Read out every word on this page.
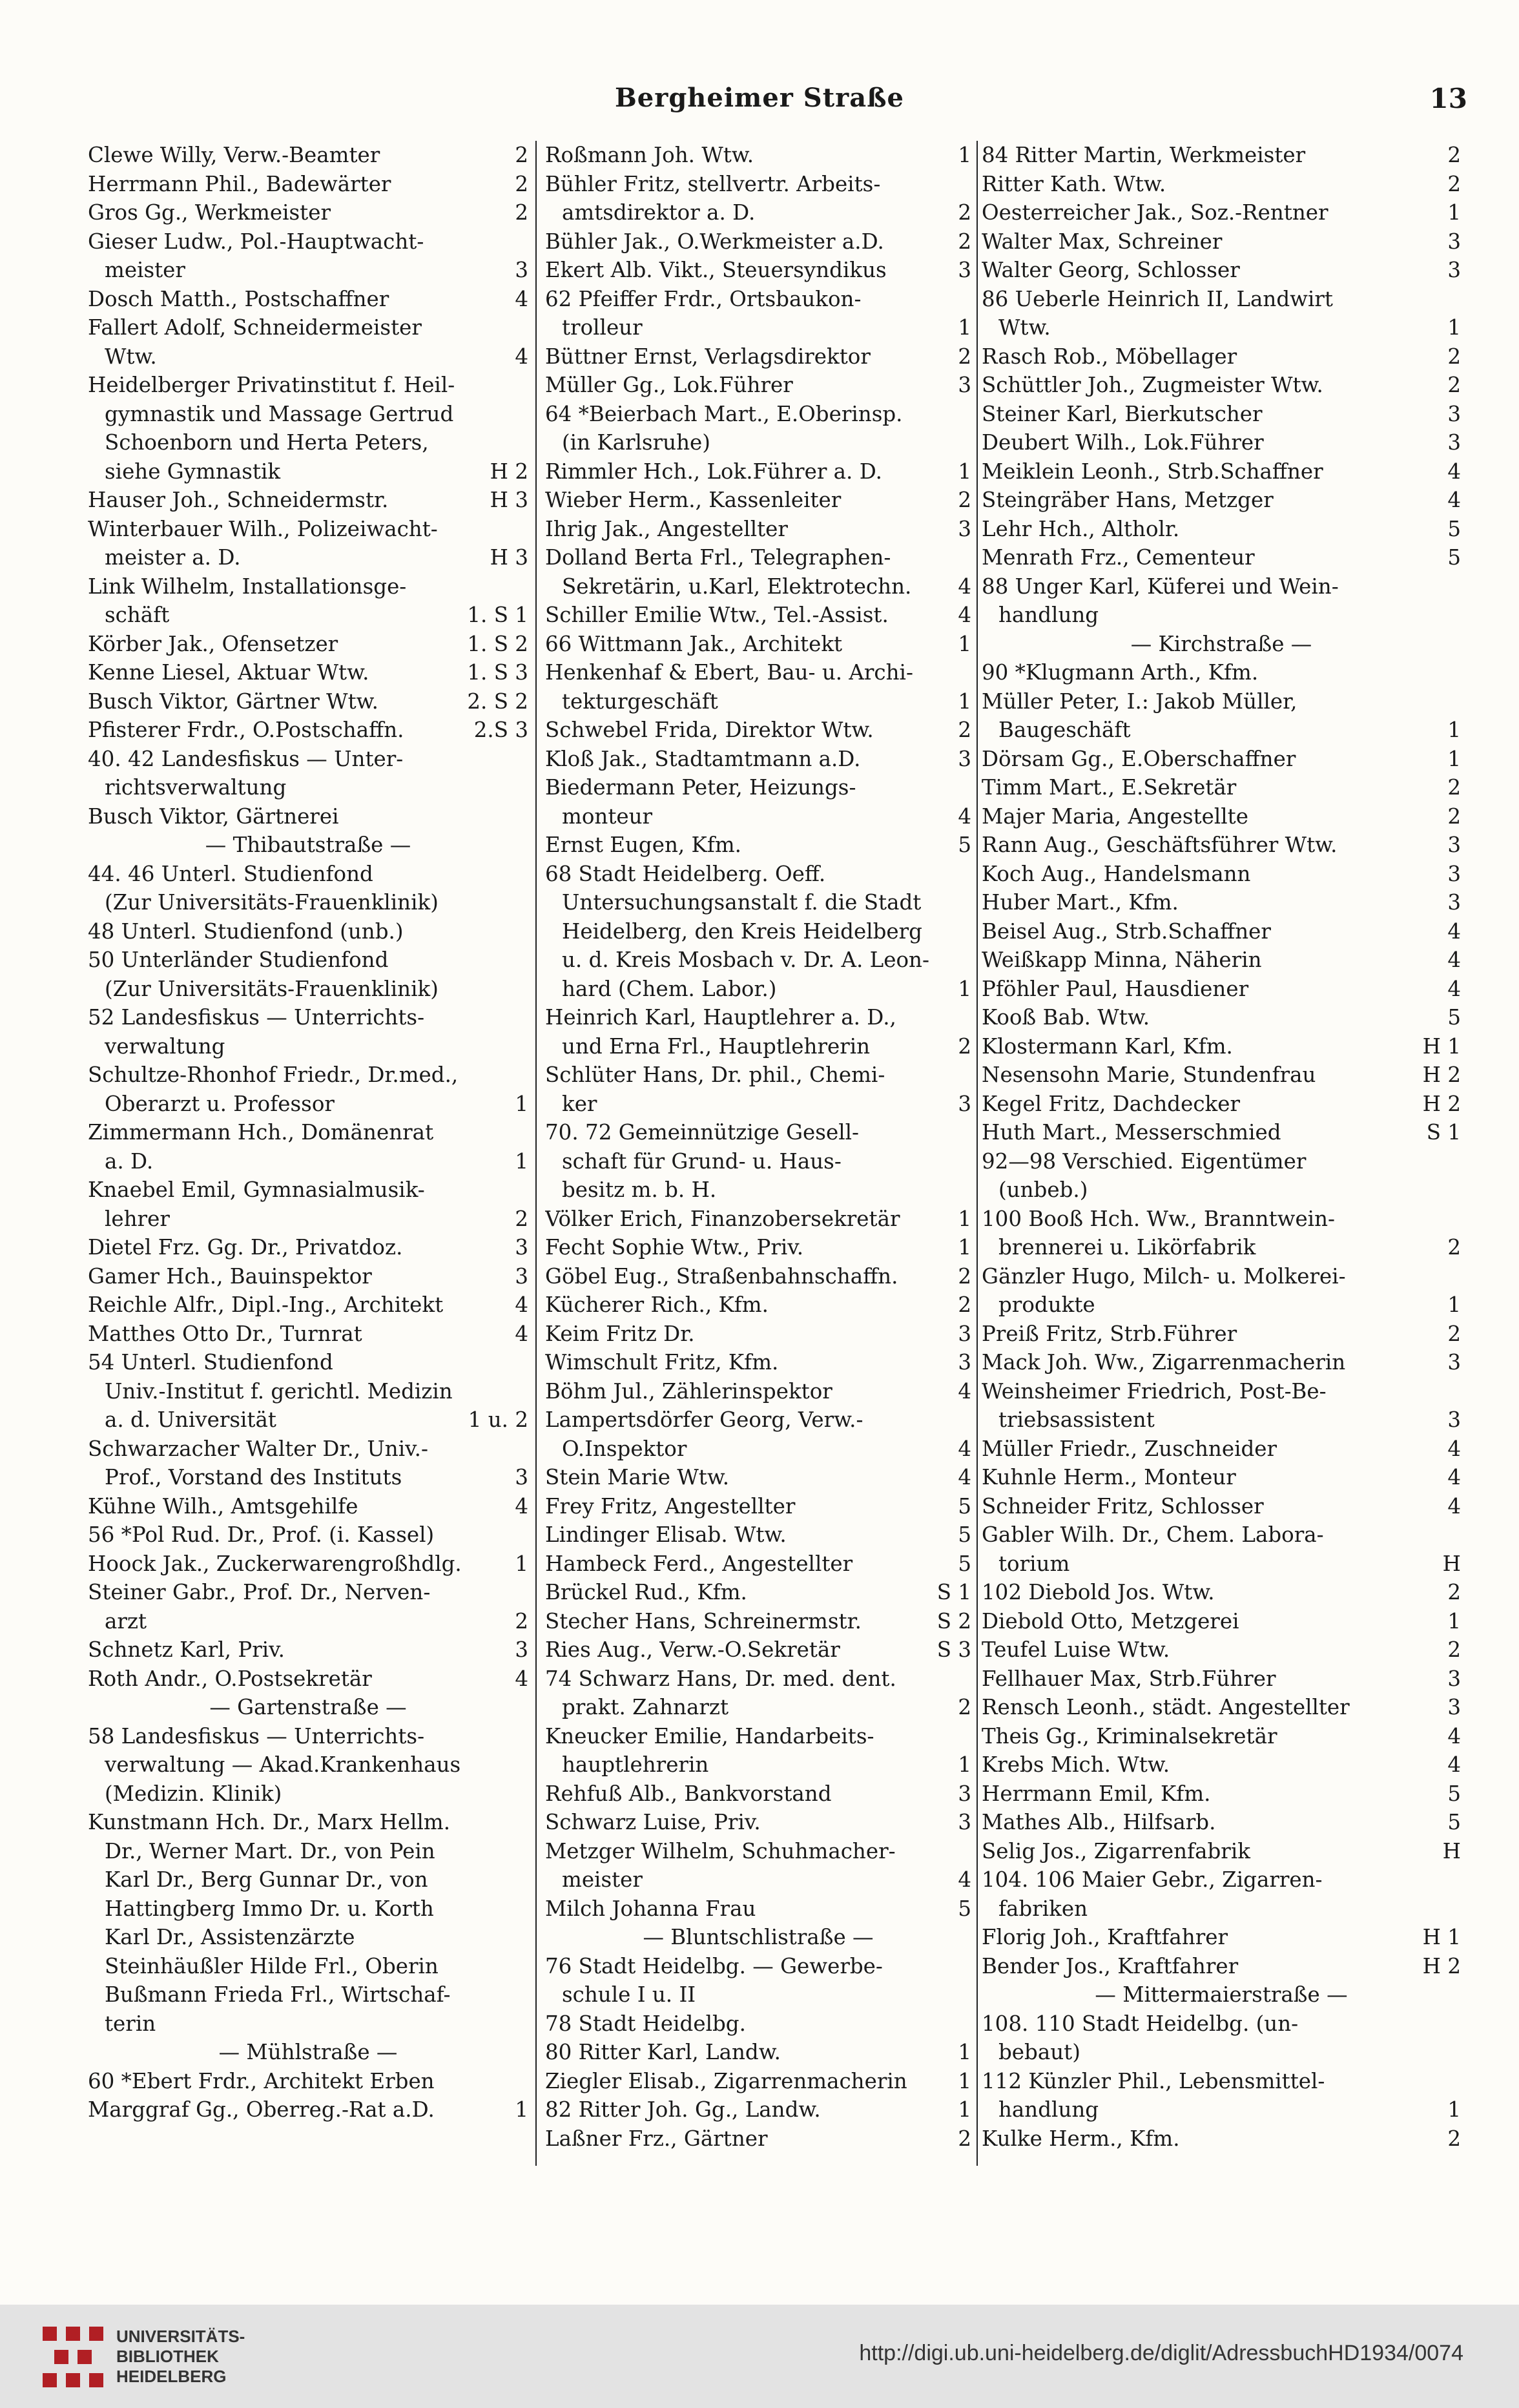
Bergheimer Straße	13
Clewe Willy, Verw.-Beamter	2
Herrmann Phil., Badewärter	2
Gros Gg., Werkmeister	2
Gieser Ludw., Pol.-Hauptwacht-
meister	3
Dosch Matth., Postschaffner	4
Fallert Adolf, Schneidermeister
Wtw.	4
Heidelberger Privatinstitut f. Heil-
gymnastik und Massage Gertrud
Schoenborn und Herta Peters,
siehe Gymnastik	H 2
Hauser Joh., Schneidermstr.	H 3
Winterbauer Wilh., Polizeiwacht-
meister a. D.	H 3
Link Wilhelm, Installationsge-
schäft	1. S 1
Körber Jak., Ofensetzer	1. S 2
Kenne Liesel, Aktuar Wtw.	1. S 3
Busch Viktor, Gärtner Wtw.	2. S 2
Pfisterer Frdr., O.Postschaffn.	2.S 3
40. 42 Landesfiskus — Unter-
richtsverwaltung
Busch Viktor, Gärtnerei
— Thibautstraße —
44. 46 Unterl. Studienfond
(Zur Universitäts-Frauenklinik)
48 Unterl. Studienfond (unb.)
50 Unterländer Studienfond
(Zur Universitäts-Frauenklinik)
52 Landesfiskus — Unterrichts-
verwaltung
Schultze-Rhonhof Friedr., Dr.med.,
Oberarzt u. Professor	1
Zimmermann Hch., Domänenrat
a. D.	1
Knaebel Emil, Gymnasialmusik-
lehrer	2
Dietel Frz. Gg. Dr., Privatdoz.	3
Gamer Hch., Bauinspektor	3
Reichle Alfr., Dipl.-Ing., Architekt	4
Matthes Otto Dr., Turnrat	4
54 Unterl. Studienfond
Univ.-Institut f. gerichtl. Medizin
a. d. Universität	1 u. 2
Schwarzacher Walter Dr., Univ.-
Prof., Vorstand des Instituts	3
Kühne Wilh., Amtsgehilfe	4
56 *Pol Rud. Dr., Prof. (i. Kassel)
Hoock Jak., Zuckerwarengroßhdlg.	1
Steiner Gabr., Prof. Dr., Nerven-
arzt	2
Schnetz Karl, Priv.	3
Roth Andr., O.Postsekretär	4
— Gartenstraße —
58 Landesfiskus — Unterrichts-
verwaltung — Akad.Krankenhaus
(Medizin. Klinik)
Kunstmann Hch. Dr., Marx Hellm.
Dr., Werner Mart. Dr., von Pein
Karl Dr., Berg Gunnar Dr., von
Hattingberg Immo Dr. u. Korth
Karl Dr., Assistenzärzte
Steinhäußler Hilde Frl., Oberin
Bußmann Frieda Frl., Wirtschaf-
terin
— Mühlstraße —
60 *Ebert Frdr., Architekt Erben
Marggraf Gg., Oberreg.-Rat a.D.	1
Roßmann Joh. Wtw.	1
Bühler Fritz, stellvertr. Arbeits-
amtsdirektor a. D.	2
Bühler Jak., O.Werkmeister a.D.	2
Ekert Alb. Vikt., Steuersyndikus	3
62 Pfeiffer Frdr., Ortsbaukon-
trolleur	1
Büttner Ernst, Verlagsdirektor	2
Müller Gg., Lok.Führer	3
64 *Beierbach Mart., E.Oberinsp.
(in Karlsruhe)
Rimmler Hch., Lok.Führer a. D.	1
Wieber Herm., Kassenleiter	2
Ihrig Jak., Angestellter	3
Dolland Berta Frl., Telegraphen-
Sekretärin, u.Karl, Elektrotechn.	4
Schiller Emilie Wtw., Tel.-Assist.	4
66 Wittmann Jak., Architekt	1
Henkenhaf & Ebert, Bau- u. Archi-
tekturgeschäft	1
Schwebel Frida, Direktor Wtw.	2
Kloß Jak., Stadtamtmann a.D.	3
Biedermann Peter, Heizungs-
monteur	4
Ernst Eugen, Kfm.	5
68 Stadt Heidelberg. Oeff.
Untersuchungsanstalt f. die Stadt
Heidelberg, den Kreis Heidelberg
u. d. Kreis Mosbach v. Dr. A. Leon-
hard (Chem. Labor.)	1
Heinrich Karl, Hauptlehrer a. D.,
und Erna Frl., Hauptlehrerin	2
Schlüter Hans, Dr. phil., Chemi-
ker	3
70. 72 Gemeinnützige Gesell-
schaft für Grund- u. Haus-
besitz m. b. H.
Völker Erich, Finanzobersekretär	1
Fecht Sophie Wtw., Priv.	1
Göbel Eug., Straßenbahnschaffn.	2
Kücherer Rich., Kfm.	2
Keim Fritz Dr.	3
Wimschult Fritz, Kfm.	3
Böhm Jul., Zählerinspektor	4
Lampertsdörfer Georg, Verw.-
O.Inspektor	4
Stein Marie Wtw.	4
Frey Fritz, Angestellter	5
Lindinger Elisab. Wtw.	5
Hambeck Ferd., Angestellter	5
Brückel Rud., Kfm.	S 1
Stecher Hans, Schreinermstr.	S 2
Ries Aug., Verw.-O.Sekretär	S 3
74 Schwarz Hans, Dr. med. dent.
prakt. Zahnarzt	2
Kneucker Emilie, Handarbeits-
hauptlehrerin	1
Rehfuß Alb., Bankvorstand	3
Schwarz Luise, Priv.	3
Metzger Wilhelm, Schuhmacher-
meister	4
Milch Johanna Frau	5
— Bluntschlistraße —
76 Stadt Heidelbg. — Gewerbe-
schule I u. II
78 Stadt Heidelbg.
80 Ritter Karl, Landw.	1
Ziegler Elisab., Zigarrenmacherin	1
82 Ritter Joh. Gg., Landw.	1
Laßner Frz., Gärtner	2
84 Ritter Martin, Werkmeister	2
Ritter Kath. Wtw.	2
Oesterreicher Jak., Soz.-Rentner	1
Walter Max, Schreiner	3
Walter Georg, Schlosser	3
86 Ueberle Heinrich II, Landwirt
Wtw.	1
Rasch Rob., Möbellager	2
Schüttler Joh., Zugmeister Wtw.	2
Steiner Karl, Bierkutscher	3
Deubert Wilh., Lok.Führer	3
Meiklein Leonh., Strb.Schaffner	4
Steingräber Hans, Metzger	4
Lehr Hch., Altholr.	5
Menrath Frz., Cementeur	5
88 Unger Karl, Küferei und Wein-
handlung
— Kirchstraße —
90 *Klugmann Arth., Kfm.
Müller Peter, I.: Jakob Müller,
Baugeschäft	1
Dörsam Gg., E.Oberschaffner	1
Timm Mart., E.Sekretär	2
Majer Maria, Angestellte	2
Rann Aug., Geschäftsführer Wtw.	3
Koch Aug., Handelsmann	3
Huber Mart., Kfm.	3
Beisel Aug., Strb.Schaffner	4
Weißkapp Minna, Näherin	4
Pföhler Paul, Hausdiener	4
Kooß Bab. Wtw.	5
Klostermann Karl, Kfm.	H 1
Nesensohn Marie, Stundenfrau	H 2
Kegel Fritz, Dachdecker	H 2
Huth Mart., Messerschmied	S 1
92—98 Verschied. Eigentümer
(unbeb.)
100 Booß Hch. Ww., Branntwein-
brennerei u. Likörfabrik	2
Gänzler Hugo, Milch- u. Molkerei-
produkte	1
Preiß Fritz, Strb.Führer	2
Mack Joh. Ww., Zigarrenmacherin	3
Weinsheimer Friedrich, Post-Be-
triebsassistent	3
Müller Friedr., Zuschneider	4
Kuhnle Herm., Monteur	4
Schneider Fritz, Schlosser	4
Gabler Wilh. Dr., Chem. Labora-
torium	H
102 Diebold Jos. Wtw.	2
Diebold Otto, Metzgerei	1
Teufel Luise Wtw.	2
Fellhauer Max, Strb.Führer	3
Rensch Leonh., städt. Angestellter	3
Theis Gg., Kriminalsekretär	4
Krebs Mich. Wtw.	4
Herrmann Emil, Kfm.	5
Mathes Alb., Hilfsarb.	5
Selig Jos., Zigarrenfabrik	H
104. 106 Maier Gebr., Zigarren-
fabriken
Florig Joh., Kraftfahrer	H 1
Bender Jos., Kraftfahrer	H 2
— Mittermaierstraße —
108. 110 Stadt Heidelbg. (un-
bebaut)
112 Künzler Phil., Lebensmittel-
handlung	1
Kulke Herm., Kfm.	2
UNIVERSITÄTS-
BIBLIOTHEK
HEIDELBERG
http://digi.ub.uni-heidelberg.de/diglit/AdressbuchHD1934/0074
